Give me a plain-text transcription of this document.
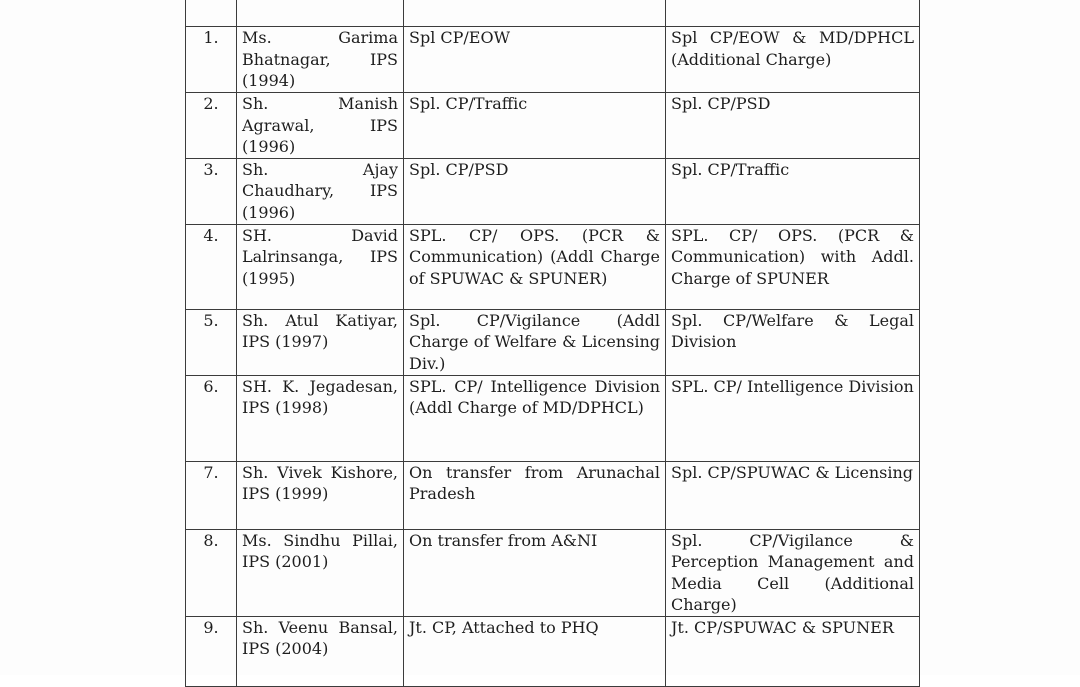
1.	Ms. Garima Bhatnagar, IPS (1994)	Spl CP/EOW	Spl CP/EOW & MD/DPHCL (Additional Charge)

2.	Sh. Manish Agrawal, IPS (1996)	Spl. CP/Traffic	Spl. CP/PSD

3.	Sh. Ajay Chaudhary, IPS (1996)	Spl. CP/PSD	Spl. CP/Traffic

4.	SH. David Lalrinsanga, IPS (1995)	SPL. CP/ OPS. (PCR & Communication) (Addl Charge of SPUWAC & SPUNER)	SPL. CP/ OPS. (PCR & Communication) with Addl. Charge of SPUNER

5.	Sh. Atul Katiyar, IPS (1997)	Spl. CP/Vigilance (Addl Charge of Welfare & Licensing Div.)	Spl. CP/Welfare & Legal Division

6.	SH. K. Jegadesan, IPS (1998)	SPL. CP/ Intelligence Division (Addl Charge of MD/DPHCL)	SPL. CP/ Intelligence Division

7.	Sh. Vivek Kishore, IPS (1999)	On transfer from Arunachal Pradesh	Spl. CP/SPUWAC & Licensing

8.	Ms. Sindhu Pillai, IPS (2001)	On transfer from A&NI	Spl. CP/Vigilance & Perception Management and Media Cell (Additional Charge)

9.	Sh. Veenu Bansal, IPS (2004)	Jt. CP, Attached to PHQ	Jt. CP/SPUWAC & SPUNER
